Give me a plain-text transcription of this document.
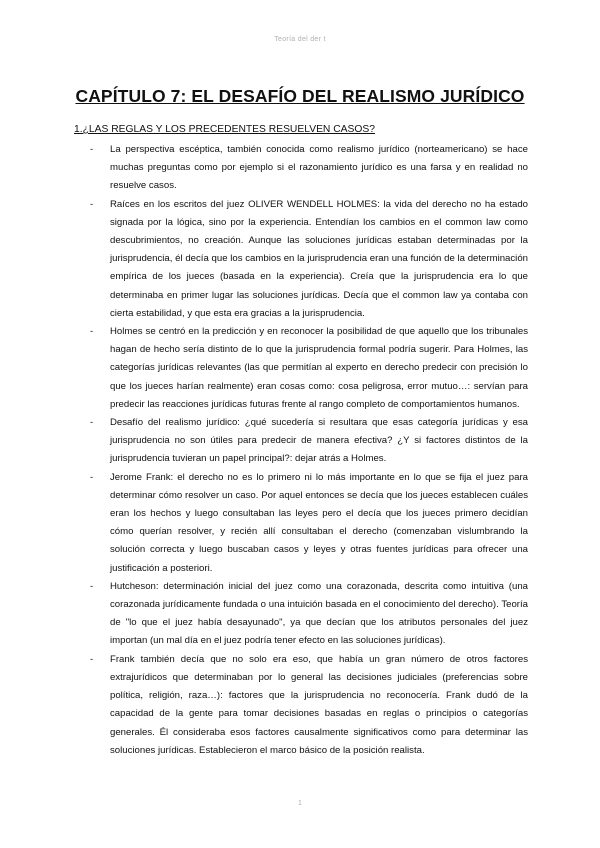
Teoría del der t
CAPÍTULO 7: EL DESAFÍO DEL REALISMO JURÍDICO
1.¿LAS REGLAS Y LOS PRECEDENTES RESUELVEN CASOS?
- La perspectiva escéptica, también conocida como realismo jurídico (norteamericano) se hace muchas preguntas como por ejemplo si el razonamiento jurídico es una farsa y en realidad no resuelve casos.
- Raíces en los escritos del juez OLIVER WENDELL HOLMES: la vida del derecho no ha estado signada por la lógica, sino por la experiencia. Entendían los cambios en el common law como descubrimientos, no creación. Aunque las soluciones jurídicas estaban determinadas por la jurisprudencia, él decía que los cambios en la jurisprudencia eran una función de la determinación empírica de los jueces (basada en la experiencia). Creía que la jurisprudencia era lo que determinaba en primer lugar las soluciones jurídicas. Decía que el common law ya contaba con cierta estabilidad, y que esta era gracias a la jurisprudencia.
- Holmes se centró en la predicción y en reconocer la posibilidad de que aquello que los tribunales hagan de hecho sería distinto de lo que la jurisprudencia formal podría sugerir. Para Holmes, las categorías jurídicas relevantes (las que permitían al experto en derecho predecir con precisión lo que los jueces harían realmente) eran cosas como: cosa peligrosa, error mutuo…: servían para predecir las reacciones jurídicas futuras frente al rango completo de comportamientos humanos.
- Desafío del realismo jurídico: ¿qué sucedería si resultara que esas categoría jurídicas y esa jurisprudencia no son útiles para predecir de manera efectiva? ¿Y si factores distintos de la jurisprudencia tuvieran un papel principal?: dejar atrás a Holmes.
- Jerome Frank: el derecho no es lo primero ni lo más importante en lo que se fija el juez para determinar cómo resolver un caso. Por aquel entonces se decía que los jueces establecen cuáles eran los hechos y luego consultaban las leyes pero el decía que los jueces primero decidían cómo querían resolver, y recién allí consultaban el derecho (comenzaban vislumbrando la solución correcta y luego buscaban casos y leyes y otras fuentes jurídicas para ofrecer una justificación a posteriori.
- Hutcheson: determinación inicial del juez como una corazonada, descrita como intuitiva (una corazonada jurídicamente fundada o una intuición basada en el conocimiento del derecho). Teoría de "lo que el juez había desayunado", ya que decían que los atributos personales del juez importan (un mal día en el juez podría tener efecto en las soluciones jurídicas).
- Frank también decía que no solo era eso, que había un gran número de otros factores extrajurídicos que determinaban por lo general las decisiones judiciales (preferencias sobre política, religión, raza…): factores que la jurisprudencia no reconocería. Frank dudó de la capacidad de la gente para tomar decisiones basadas en reglas o principios o categorías generales. Él consideraba esos factores causalmente significativos como para determinar las soluciones jurídicas. Establecieron el marco básico de la posición realista.
1
